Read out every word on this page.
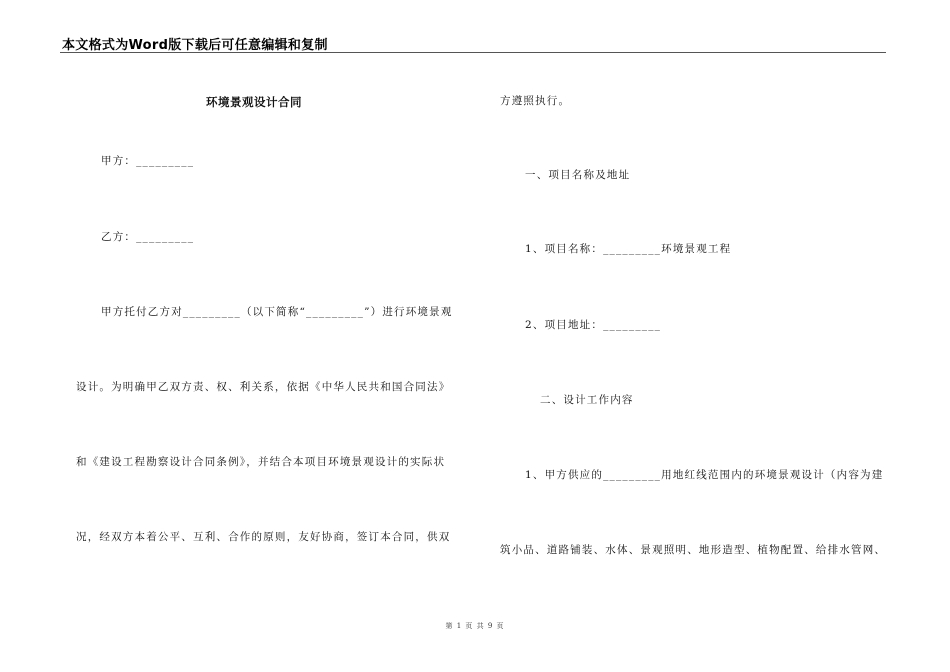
本文格式为Word版下载后可任意编辑和复制
环境景观设计合同
甲方：_________
乙方：_________
甲方托付乙方对_________（以下简称“_________”）进行环境景观
设计。为明确甲乙双方责、权、利关系，依据《中华人民共和国合同法》
和《建设工程勘察设计合同条例》，并结合本项目环境景观设计的实际状
况，经双方本着公平、互利、合作的原则，友好协商，签订本合同，供双
方遵照执行。
一、项目名称及地址
1、项目名称：_________环境景观工程
2、项目地址：_________
二、设计工作内容
1、甲方供应的_________用地红线范围内的环境景观设计（内容为建
筑小品、道路铺装、水体、景观照明、地形造型、植物配置、给排水管网、
第 1 页 共 9 页
